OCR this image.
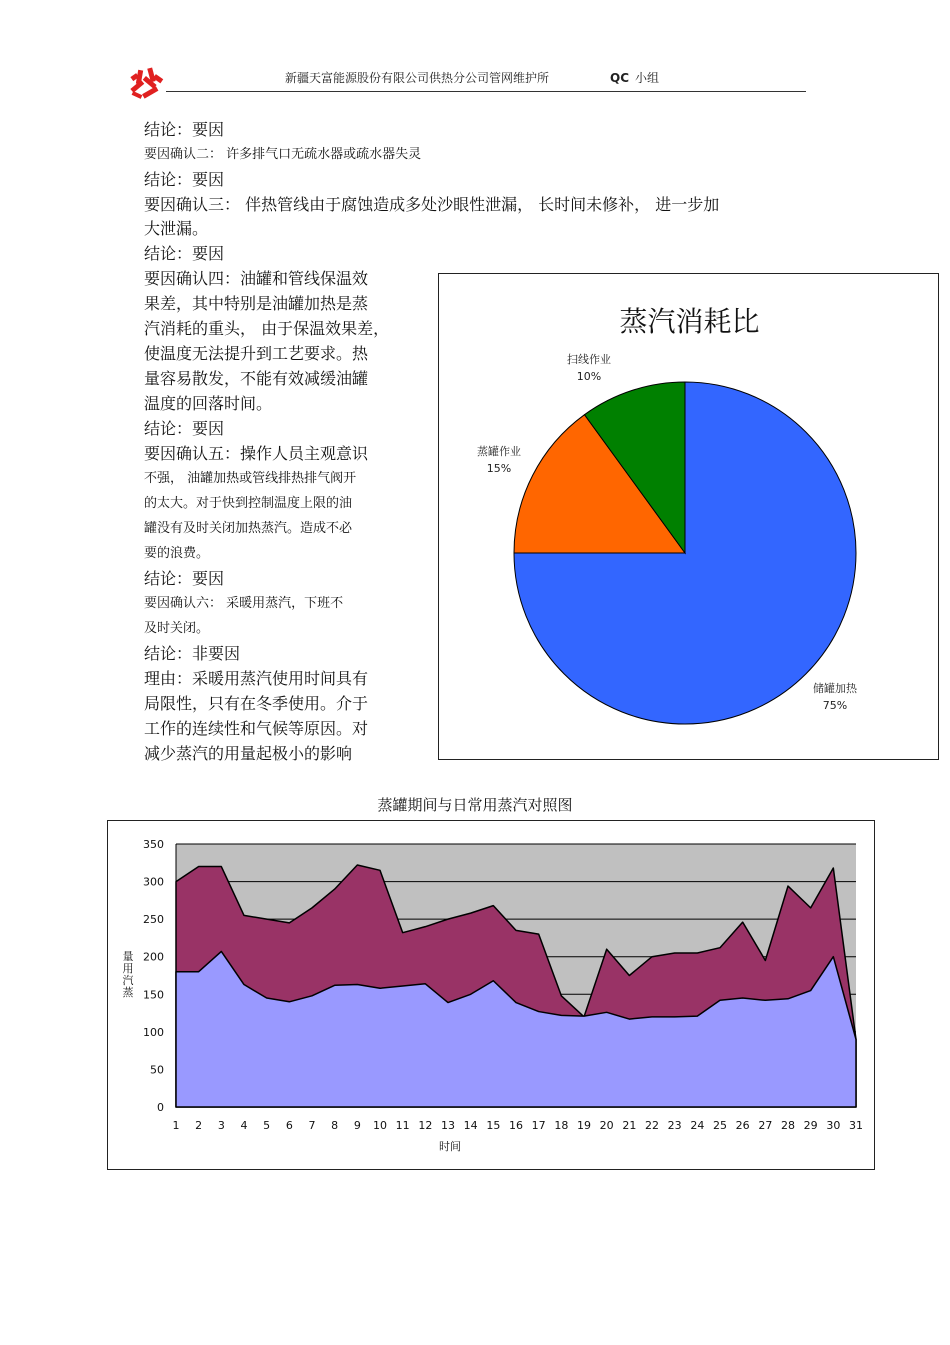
新疆天富能源股份有限公司供热分公司管网维护所	QC 小组
结论：要因
要因确认二： 许多排气口无疏水器或疏水器失灵
结论：要因
要因确认三： 伴热管线由于腐蚀造成多处沙眼性泄漏， 长时间未修补， 进一步加
大泄漏。
结论：要因
要因确认四：油罐和管线保温效
果差，其中特别是油罐加热是蒸
汽消耗的重头， 由于保温效果差，
使温度无法提升到工艺要求。热
量容易散发，不能有效减缓油罐
温度的回落时间。
结论：要因
要因确认五：操作人员主观意识
不强， 油罐加热或管线排热排气阀开
的太大。对于快到控制温度上限的油
罐没有及时关闭加热蒸汽。造成不必
要的浪费。
结论：要因
要因确认六： 采暖用蒸汽，下班不
及时关闭。
结论：非要因
理由：采暖用蒸汽使用时间具有
局限性，只有在冬季使用。介于
工作的连续性和气候等原因。对
减少蒸汽的用量起极小的影响
蒸汽消耗比
扫线作业
10%
蒸罐作业
15%
储罐加热
75%
蒸罐期间与日常用蒸汽对照图
0
50
100
150
200
250
300
350
1 2 3 4 5 6 7 8 9 10 11 12 13 14 15 16 17 18 19 20 21 22 23 24 25 26 27 28 29 30 31
时间
量用汽蒸
